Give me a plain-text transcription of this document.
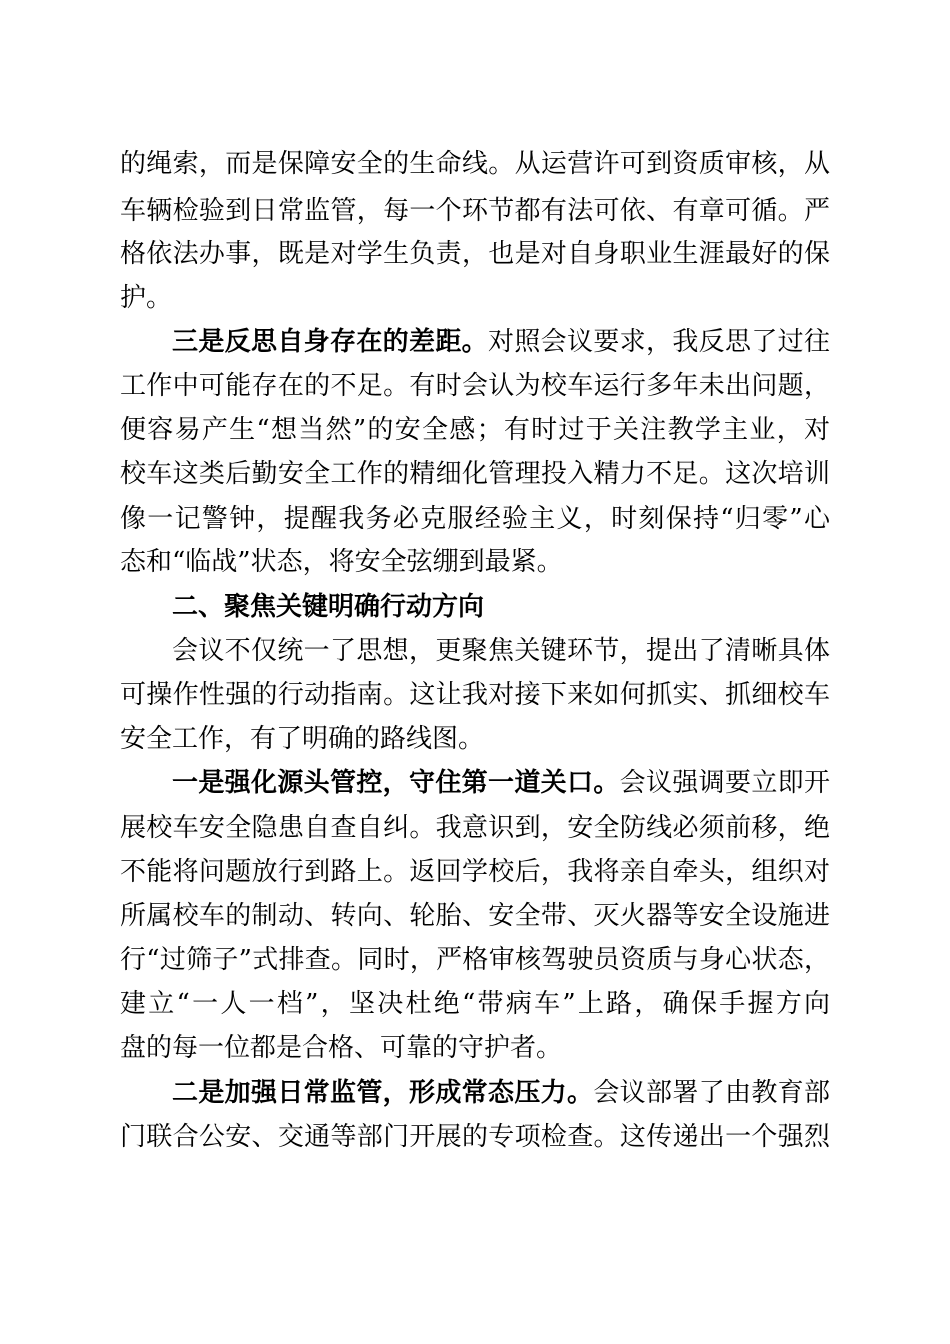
的绳索，而是保障安全的生命线。从运营许可到资质审核，从
车辆检验到日常监管，每一个环节都有法可依、有章可循。严
格依法办事，既是对学生负责，也是对自身职业生涯最好的保
护。
三是反思自身存在的差距。对照会议要求，我反思了过往
工作中可能存在的不足。有时会认为校车运行多年未出问题，
便容易产生“想当然”的安全感；有时过于关注教学主业，对
校车这类后勤安全工作的精细化管理投入精力不足。这次培训
像一记警钟，提醒我务必克服经验主义，时刻保持“归零”心
态和“临战”状态，将安全弦绷到最紧。
二、聚焦关键明确行动方向
会议不仅统一了思想，更聚焦关键环节，提出了清晰具体
可操作性强的行动指南。这让我对接下来如何抓实、抓细校车
安全工作，有了明确的路线图。
一是强化源头管控，守住第一道关口。会议强调要立即开
展校车安全隐患自查自纠。我意识到，安全防线必须前移，绝
不能将问题放行到路上。返回学校后，我将亲自牵头，组织对
所属校车的制动、转向、轮胎、安全带、灭火器等安全设施进
行“过筛子”式排查。同时，严格审核驾驶员资质与身心状态，
建立“一人一档”，坚决杜绝“带病车”上路，确保手握方向
盘的每一位都是合格、可靠的守护者。
二是加强日常监管，形成常态压力。会议部署了由教育部
门联合公安、交通等部门开展的专项检查。这传递出一个强烈
